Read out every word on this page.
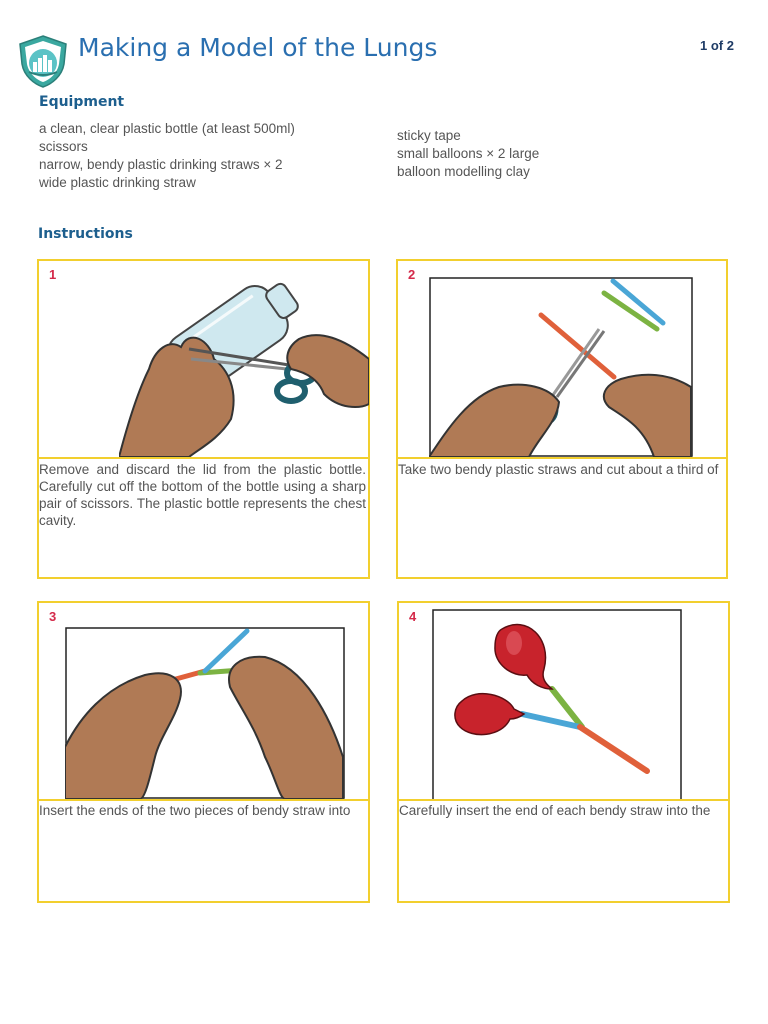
Making a Model of the Lungs	1 of 2
Equipment
a clean, clear plastic bottle (at least 500ml)
scissors
narrow, bendy plastic drinking straws × 2
wide plastic drinking straw
sticky tape
small balloons × 2 large
balloon modelling clay
Instructions
1
Remove and discard the lid from the plastic bottle. Carefully cut off the bottom of the bottle using a sharp pair of scissors. The plastic bottle represents the chest cavity.
2
Take two bendy plastic straws and cut about a third of
3
Insert the ends of the two pieces of bendy straw into
4
Carefully insert the end of each bendy straw into the
